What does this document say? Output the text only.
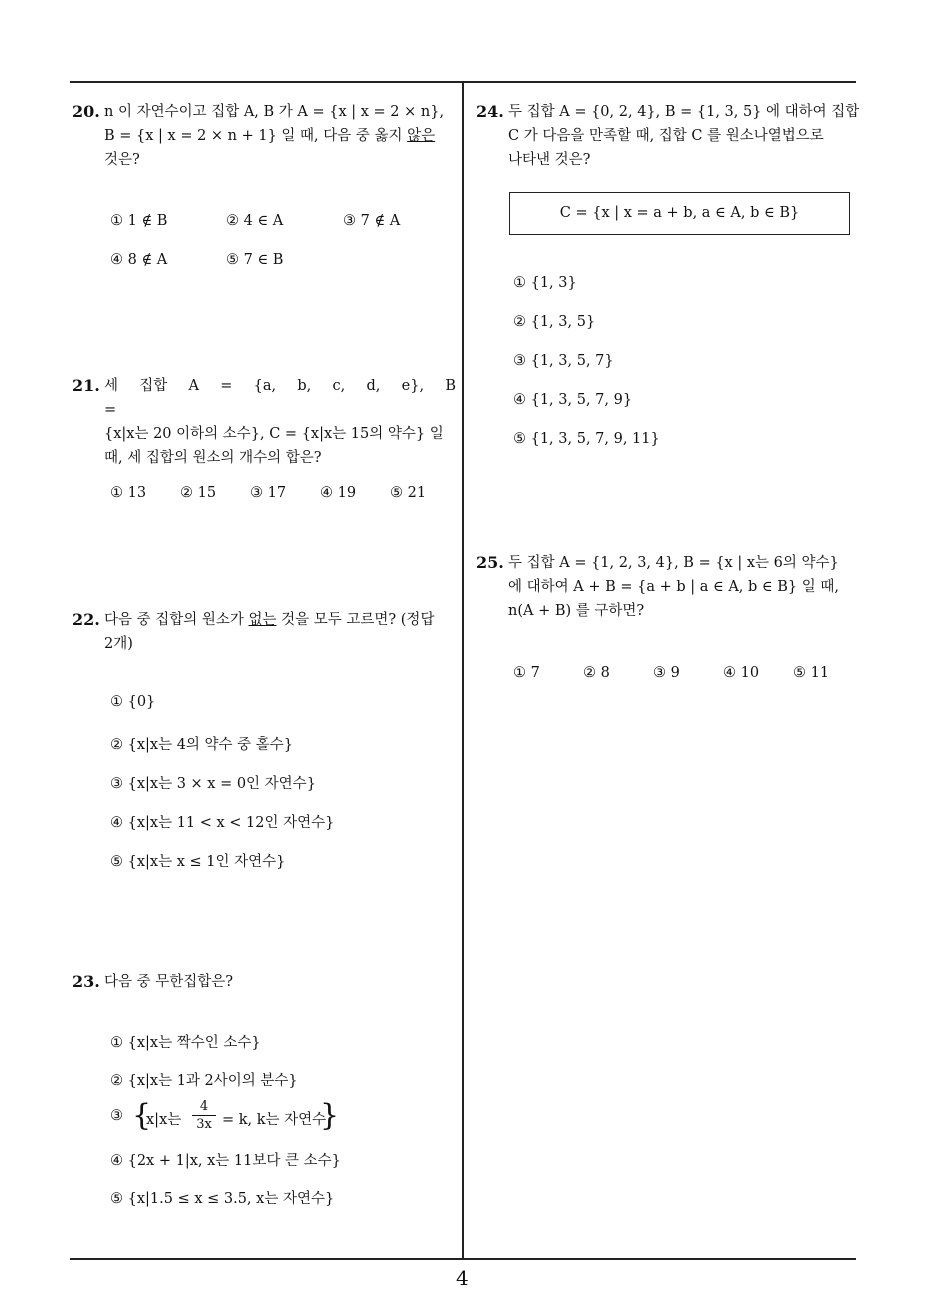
20. n 이 자연수이고 집합 A, B 가 A = {x | x = 2 × n},
B = {x | x = 2 × n + 1} 일 때, 다음 중 옳지 않은
것은?
① 1 ∉ B	② 4 ∈ A	③ 7 ∉ A
④ 8 ∉ A	⑤ 7 ∈ B
21. 세 집합 A = {a, b, c, d, e}, B =
{x|x는 20 이하의 소수}, C = {x|x는 15의 약수} 일
때, 세 집합의 원소의 개수의 합은?
① 13 ② 15 ③ 17 ④ 19 ⑤ 21
22. 다음 중 집합의 원소가 없는 것을 모두 고르면? (정답
2개)
① {0}
② {x|x는 4의 약수 중 홀수}
③ {x|x는 3 × x = 0인 자연수}
④ {x|x는 11 < x < 12인 자연수}
⑤ {x|x는 x ≤ 1인 자연수}
23. 다음 중 무한집합은?
① {x|x는 짝수인 소수}
② {x|x는 1과 2사이의 분수}
③ {
x|x는
4
3x = k, k는 자연수
}
④ {2x + 1|x, x는 11보다 큰 소수}
⑤ {x|1.5 ≤ x ≤ 3.5, x는 자연수}
24. 두 집합 A = {0, 2, 4}, B = {1, 3, 5} 에 대하여 집합
C 가 다음을 만족할 때, 집합 C 를 원소나열법으로
나타낸 것은?
C = {x | x = a + b, a ∈ A, b ∈ B}
① {1, 3}
② {1, 3, 5}
③ {1, 3, 5, 7}
④ {1, 3, 5, 7, 9}
⑤ {1, 3, 5, 7, 9, 11}
25. 두 집합 A = {1, 2, 3, 4}, B = {x | x는 6의 약수}
에 대하여 A + B = {a + b | a ∈ A, b ∈ B} 일 때,
n(A + B) 를 구하면?
① 7	② 8	③ 9	④ 10 ⑤ 11
4
